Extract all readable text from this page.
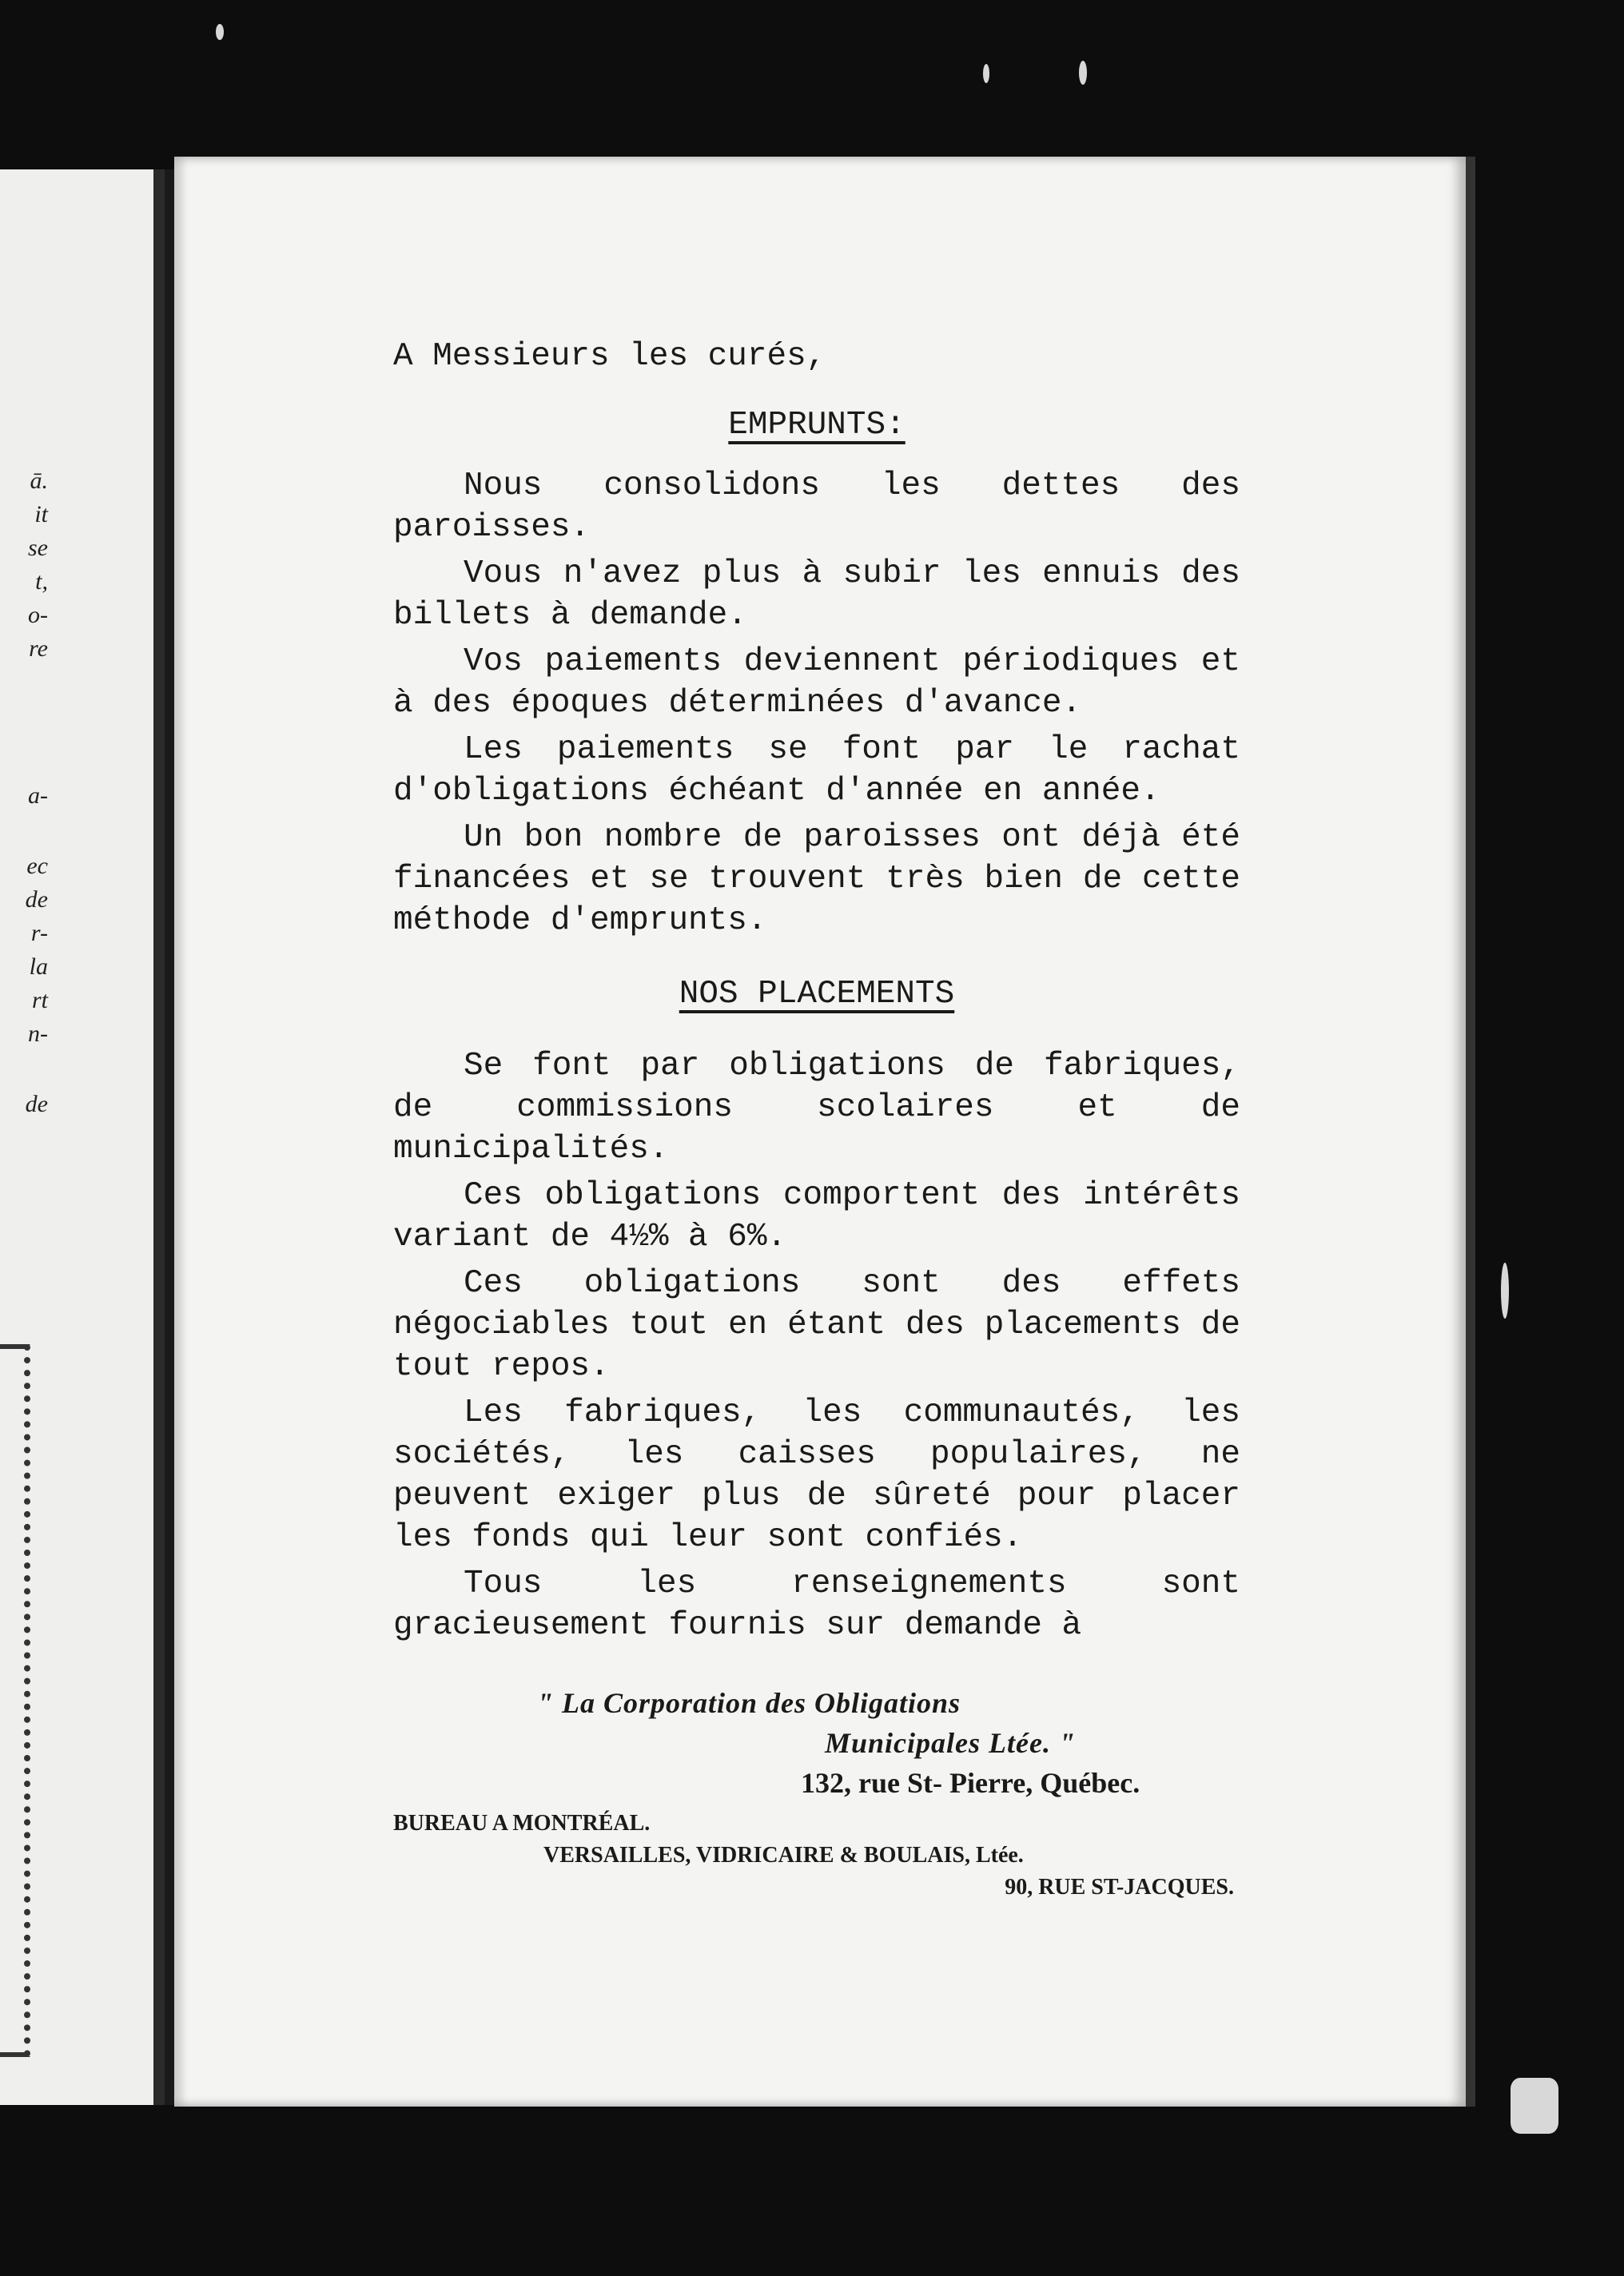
ā.
it
se
t,
o-
re
a-
ec
de
r-
la
rt
n-
de
A Messieurs les curés,
EMPRUNTS:

Nous consolidons les dettes des paroisses.

Vous n'avez plus à subir les ennuis des billets à demande.

Vos paiements deviennent périodiques et à des époques déterminées d'avance.

Les paiements se font par le rachat d'obligations échéant d'année en année.

Un bon nombre de paroisses ont déjà été financées et se trouvent très bien de cette méthode d'emprunts.

NOS PLACEMENTS

Se font par obligations de fabriques, de commissions scolaires et de municipalités.

Ces obligations comportent des intérêts variant de 4½% à 6%.

Ces obligations sont des effets négociables tout en étant des placements de tout repos.

Les fabriques, les communautés, les sociétés, les caisses populaires, ne peuvent exiger plus de sûreté pour placer les fonds qui leur sont confiés.

Tous les renseignements sont gracieusement fournis sur demande à

" La Corporation des Obligations
Municipales Ltée. "
132, rue St- Pierre, Québec.
BUREAU A MONTRÉAL.
VERSAILLES, VIDRICAIRE & BOULAIS, Ltée.
90, RUE ST-JACQUES.
